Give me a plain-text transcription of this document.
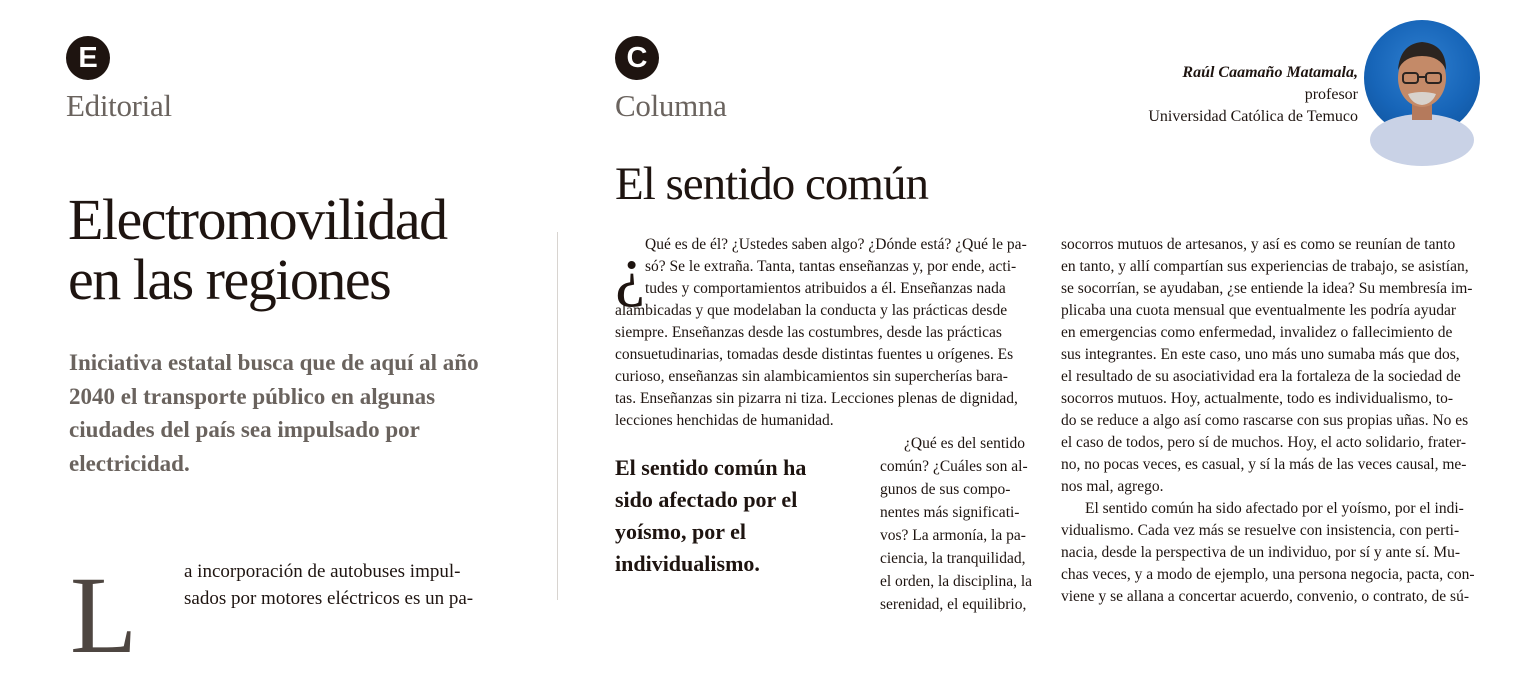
E
Editorial
Electromovilidad
en las regiones
Iniciativa estatal busca que de aquí al año
2040 el transporte público en algunas
ciudades del país sea impulsado por
electricidad.
L a incorporación de autobuses impul-
sados por motores eléctricos es un pa-
C
Columna
Raúl Caamaño Matamala,
profesor
Universidad Católica de Temuco
El sentido común
¿ Qué es de él? ¿Ustedes saben algo? ¿Dónde está? ¿Qué le pa-
só? Se le extraña. Tanta, tantas enseñanzas y, por ende, acti-
tudes y comportamientos atribuidos a él. Enseñanzas nada
alambicadas y que modelaban la conducta y las prácticas desde
siempre. Enseñanzas desde las costumbres, desde las prácticas
consuetudinarias, tomadas desde distintas fuentes u orígenes. Es
curioso, enseñanzas sin alambicamientos sin supercherías bara-
tas. Enseñanzas sin pizarra ni tiza. Lecciones plenas de dignidad,
lecciones henchidas de humanidad.
El sentido común ha
sido afectado por el
yoísmo, por el
individualismo.
¿Qué es del sentido
común? ¿Cuáles son al-
gunos de sus compo-
nentes más significati-
vos? La armonía, la pa-
ciencia, la tranquilidad,
el orden, la disciplina, la
serenidad, el equilibrio,
socorros mutuos de artesanos, y así es como se reunían de tanto
en tanto, y allí compartían sus experiencias de trabajo, se asistían,
se socorrían, se ayudaban, ¿se entiende la idea? Su membresía im-
plicaba una cuota mensual que eventualmente les podría ayudar
en emergencias como enfermedad, invalidez o fallecimiento de
sus integrantes. En este caso, uno más uno sumaba más que dos,
el resultado de su asociatividad era la fortaleza de la sociedad de
socorros mutuos. Hoy, actualmente, todo es individualismo, to-
do se reduce a algo así como rascarse con sus propias uñas. No es
el caso de todos, pero sí de muchos. Hoy, el acto solidario, frater-
no, no pocas veces, es casual, y sí la más de las veces causal, me-
nos mal, agrego.
El sentido común ha sido afectado por el yoísmo, por el indi-
vidualismo. Cada vez más se resuelve con insistencia, con perti-
nacia, desde la perspectiva de un individuo, por sí y ante sí. Mu-
chas veces, y a modo de ejemplo, una persona negocia, pacta, con-
viene y se allana a concertar acuerdo, convenio, o contrato, de sú-
